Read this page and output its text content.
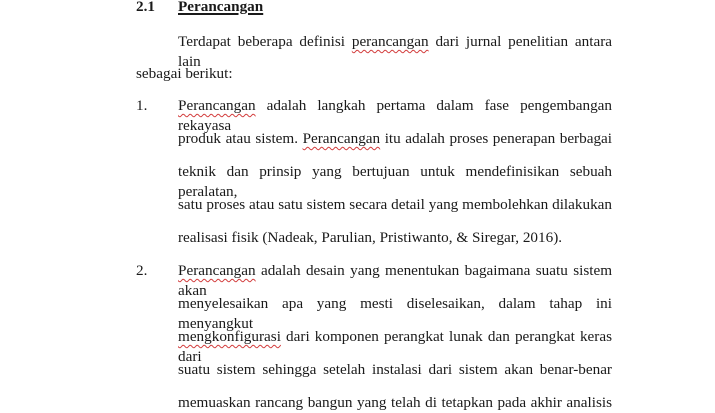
2.1 Perancangan
Terdapat beberapa definisi perancangan dari jurnal penelitian antara lain
sebagai berikut:
1. Perancangan adalah langkah pertama dalam fase pengembangan rekayasa
produk atau sistem. Perancangan itu adalah proses penerapan berbagai
teknik dan prinsip yang bertujuan untuk mendefinisikan sebuah peralatan,
satu proses atau satu sistem secara detail yang membolehkan dilakukan
realisasi fisik (Nadeak, Parulian, Pristiwanto, & Siregar, 2016).
2. Perancangan adalah desain yang menentukan bagaimana suatu sistem akan
menyelesaikan apa yang mesti diselesaikan, dalam tahap ini menyangkut
mengkonfigurasi dari komponen perangkat lunak dan perangkat keras dari
suatu sistem sehingga setelah instalasi dari sistem akan benar-benar
memuaskan rancang bangun yang telah di tetapkan pada akhir analisis
